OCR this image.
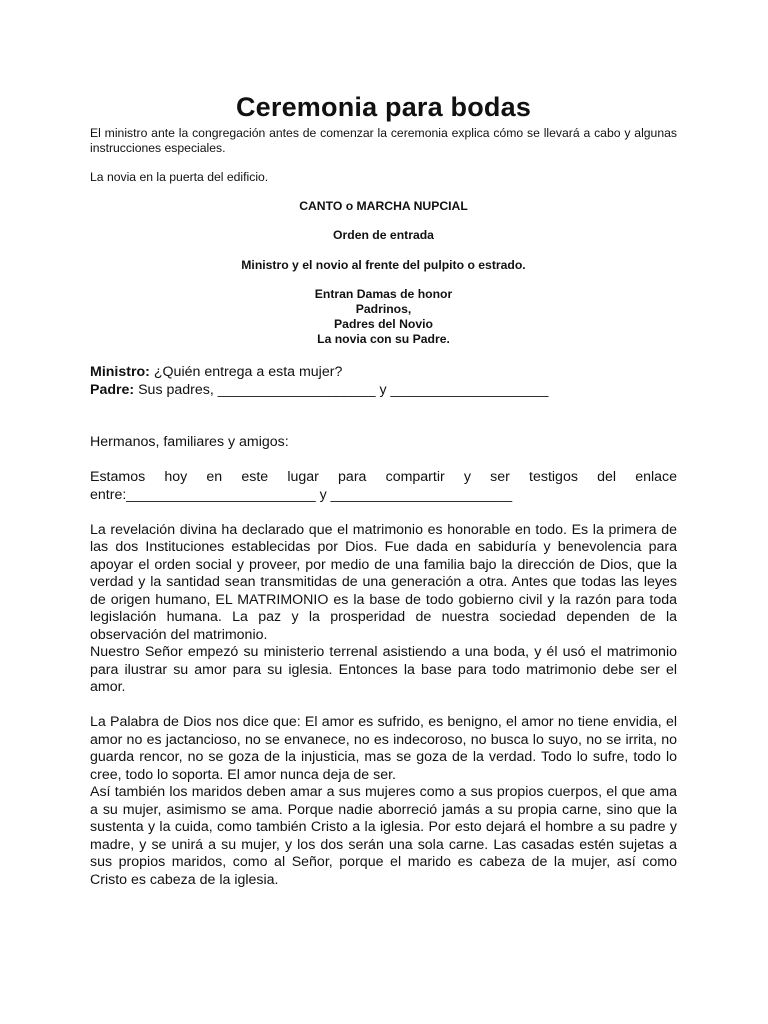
Ceremonia para bodas

El ministro ante la congregación antes de comenzar la ceremonia explica cómo se llevará a cabo y algunas instrucciones especiales.

La novia en la puerta del edificio.

CANTO o MARCHA NUPCIAL

Orden de entrada

Ministro y el novio al frente del pulpito o estrado.

Entran Damas de honor

Padrinos,

Padres del Novio

La novia con su Padre.

Ministro: ¿Quién entrega a esta mujer?

Padre: Sus padres, ____________________ y ____________________

Hermanos, familiares y amigos:

Estamos hoy en este lugar para compartir y ser testigos del enlace entre:________________________ y _______________________

La revelación divina ha declarado que el matrimonio es honorable en todo. Es la primera de las dos Instituciones establecidas por Dios. Fue dada en sabiduría y benevolencia para apoyar el orden social y proveer, por medio de una familia bajo la dirección de Dios, que la verdad y la santidad sean transmitidas de una generación a otra. Antes que todas las leyes de origen humano, EL MATRIMONIO es la base de todo gobierno civil y la razón para toda legislación humana. La paz y la prosperidad de nuestra sociedad dependen de la observación del matrimonio.

Nuestro Señor empezó su ministerio terrenal asistiendo a una boda, y él usó el matrimonio para ilustrar su amor para su iglesia. Entonces la base para todo matrimonio debe ser el amor.

La Palabra de Dios nos dice que: El amor es sufrido, es benigno, el amor no tiene envidia, el amor no es jactancioso, no se envanece, no es indecoroso, no busca lo suyo, no se irrita, no guarda rencor, no se goza de la injusticia, mas se goza de la verdad. Todo lo sufre, todo lo cree, todo lo soporta. El amor nunca deja de ser.

Así también los maridos deben amar a sus mujeres como a sus propios cuerpos, el que ama a su mujer, asimismo se ama. Porque nadie aborreció jamás a su propia carne, sino que la sustenta y la cuida, como también Cristo a la iglesia. Por esto dejará el hombre a su padre y madre, y se unirá a su mujer, y los dos serán una sola carne. Las casadas estén sujetas a sus propios maridos, como al Señor, porque el marido es cabeza de la mujer, así como Cristo es cabeza de la iglesia.
